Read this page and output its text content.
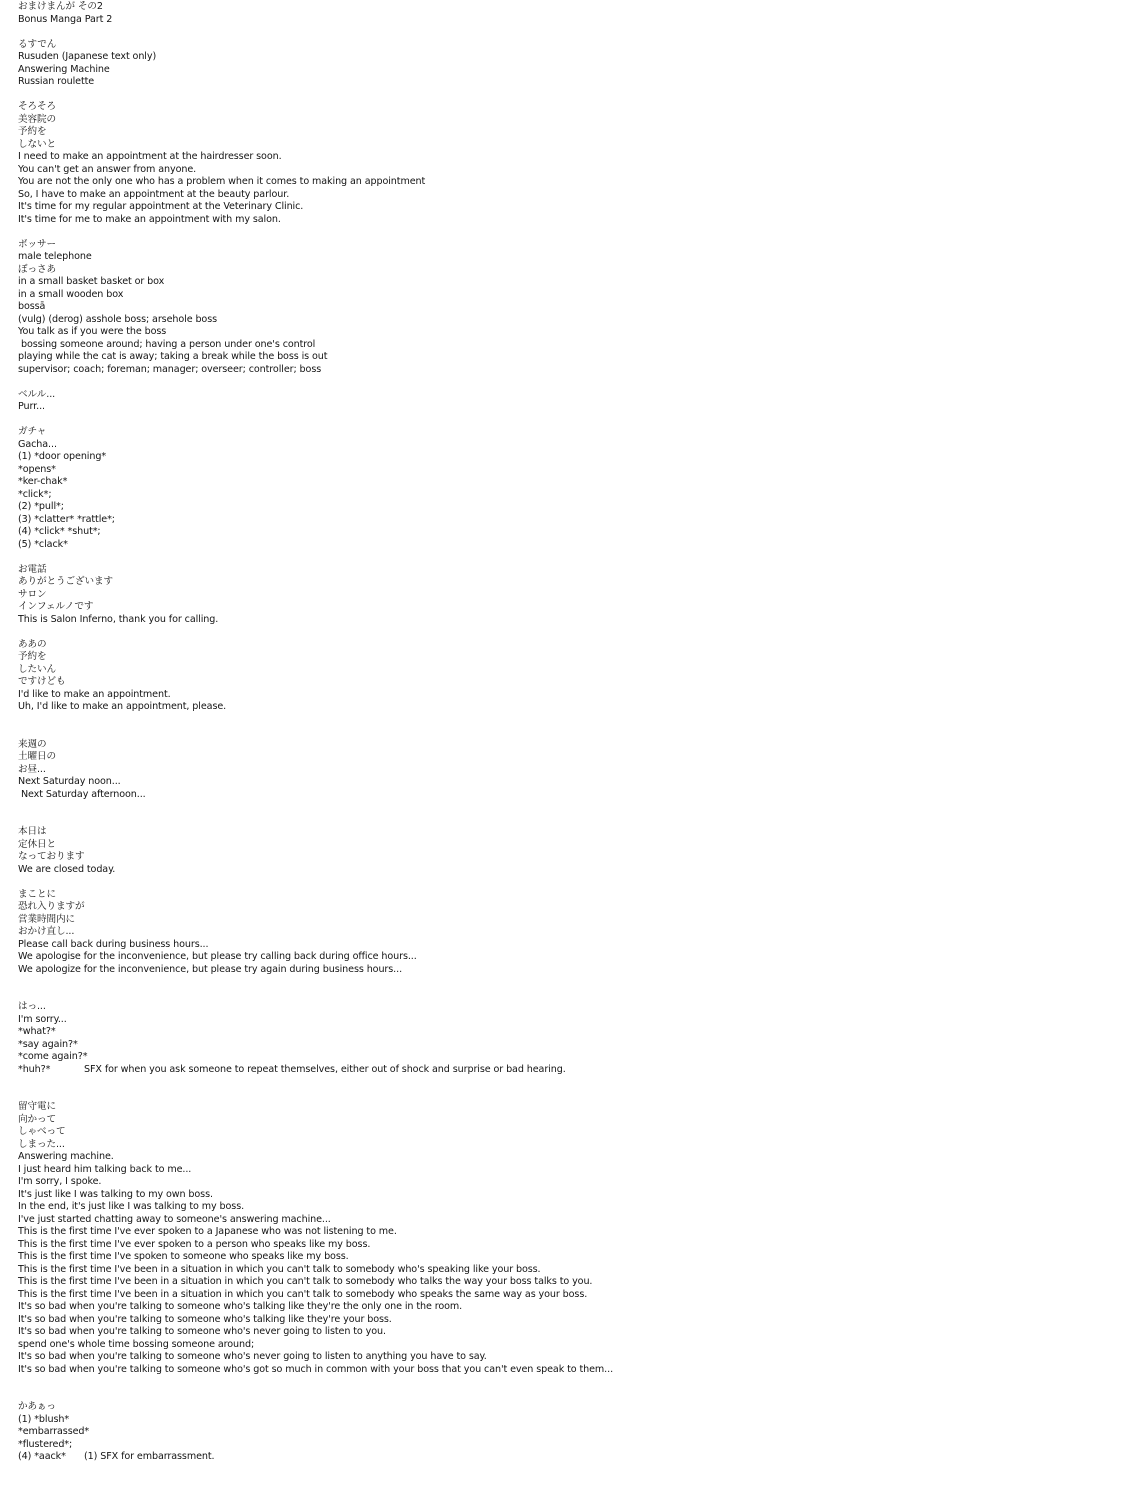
おまけまんが その2
Bonus Manga Part 2
るすでん
Rusuden (Japanese text only)
Answering Machine
Russian roulette
そろそろ
美容院の
予約を
しないと
I need to make an appointment at the hairdresser soon.
You can't get an answer from anyone.
You are not the only one who has a problem when it comes to making an appointment
So, I have to make an appointment at the beauty parlour.
It's time for my regular appointment at the Veterinary Clinic.
It's time for me to make an appointment with my salon.
ボッサー
male telephone
ぼっさあ
in a small basket basket or box
in a small wooden box
bossā
(vulg) (derog) asshole boss; arsehole boss
You talk as if you were the boss
bossing someone around; having a person under one's control
playing while the cat is away; taking a break while the boss is out
supervisor; coach; foreman; manager; overseer; controller; boss
ベルル...
Purr...
ガチャ
Gacha...
(1) *door opening*
*opens*
*ker-chak*
*click*;
(2) *pull*;
(3) *clatter* *rattle*;
(4) *click* *shut*;
(5) *clack*
お電話
ありがとうございます
サロン
インフェルノです
This is Salon Inferno, thank you for calling.
ああの
予約を
したいん
ですけども
I'd like to make an appointment.
Uh, I'd like to make an appointment, please.
来週の
土曜日の
お昼...
Next Saturday noon...
Next Saturday afternoon...
本日は
定休日と
なっております
We are closed today.
まことに
恐れ入りますが
営業時間内に
おかけ直し...
Please call back during business hours...
We apologise for the inconvenience, but please try calling back during office hours...
We apologize for the inconvenience, but please try again during business hours...
はっ...
I'm sorry...
*what?*
*say again?*
*come again?*
*huh?*	SFX for when you ask someone to repeat themselves, either out of shock and surprise or bad hearing.
留守電に
向かって
しゃべって
しまった...
Answering machine.
I just heard him talking back to me...
I'm sorry, I spoke.
It's just like I was talking to my own boss.
In the end, it's just like I was talking to my boss.
I've just started chatting away to someone's answering machine...
This is the first time I've ever spoken to a Japanese who was not listening to me.
This is the first time I've ever spoken to a person who speaks like my boss.
This is the first time I've spoken to someone who speaks like my boss.
This is the first time I've been in a situation in which you can't talk to somebody who's speaking like your boss.
This is the first time I've been in a situation in which you can't talk to somebody who talks the way your boss talks to you.
This is the first time I've been in a situation in which you can't talk to somebody who speaks the same way as your boss.
It's so bad when you're talking to someone who's talking like they're the only one in the room.
It's so bad when you're talking to someone who's talking like they're your boss.
It's so bad when you're talking to someone who's never going to listen to you.
spend one's whole time bossing someone around;
It's so bad when you're talking to someone who's never going to listen to anything you have to say.
It's so bad when you're talking to someone who's got so much in common with your boss that you can't even speak to them...
かあぁっ
(1) *blush*
*embarrassed*
*flustered*;
(4) *aack* (1) SFX for embarrassment.
